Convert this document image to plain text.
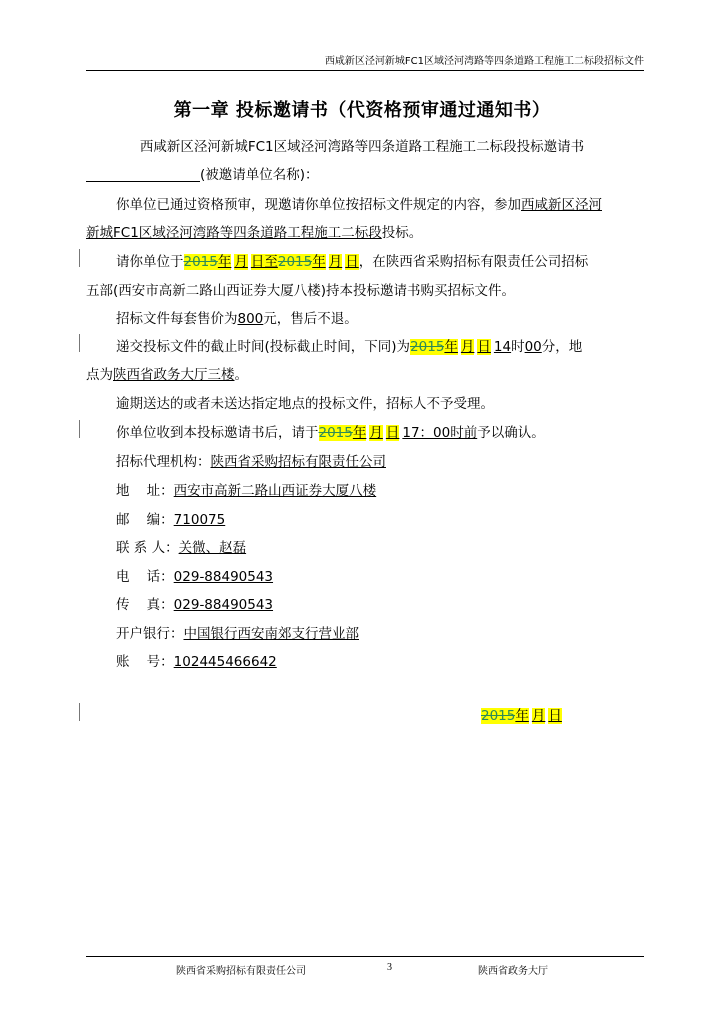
西咸新区泾河新城FC1区域泾河湾路等四条道路工程施工二标段招标文件
第一章 投标邀请书（代资格预审通过通知书）
西咸新区泾河新城FC1区域泾河湾路等四条道路工程施工二标段投标邀请书
(被邀请单位名称)：
你单位已通过资格预审，现邀请你单位按招标文件规定的内容，参加西咸新区泾河
新城FC1区域泾河湾路等四条道路工程施工二标段投标。
请你单位于2015年 月 日至2015年 月 日，在陕西省采购招标有限责任公司招标
五部(西安市高新二路山西证券大厦八楼)持本投标邀请书购买招标文件。
招标文件每套售价为800元，售后不退。
递交投标文件的截止时间(投标截止时间，下同)为2015年 月 日 14时00分，地
点为陕西省政务大厅三楼。
逾期送达的或者未送达指定地点的投标文件，招标人不予受理。
你单位收到本投标邀请书后，请于2015年 月 日 17：00时前予以确认。
招标代理机构：陕西省采购招标有限责任公司
地    址：西安市高新二路山西证券大厦八楼
邮    编：710075
联 系 人：关微、赵磊
电    话：029-88490543
传    真：029-88490543
开户银行：中国银行西安南郊支行营业部
账    号：102445466642
2015年 月 日
陕西省采购招标有限责任公司	3	陕西省政务大厅
